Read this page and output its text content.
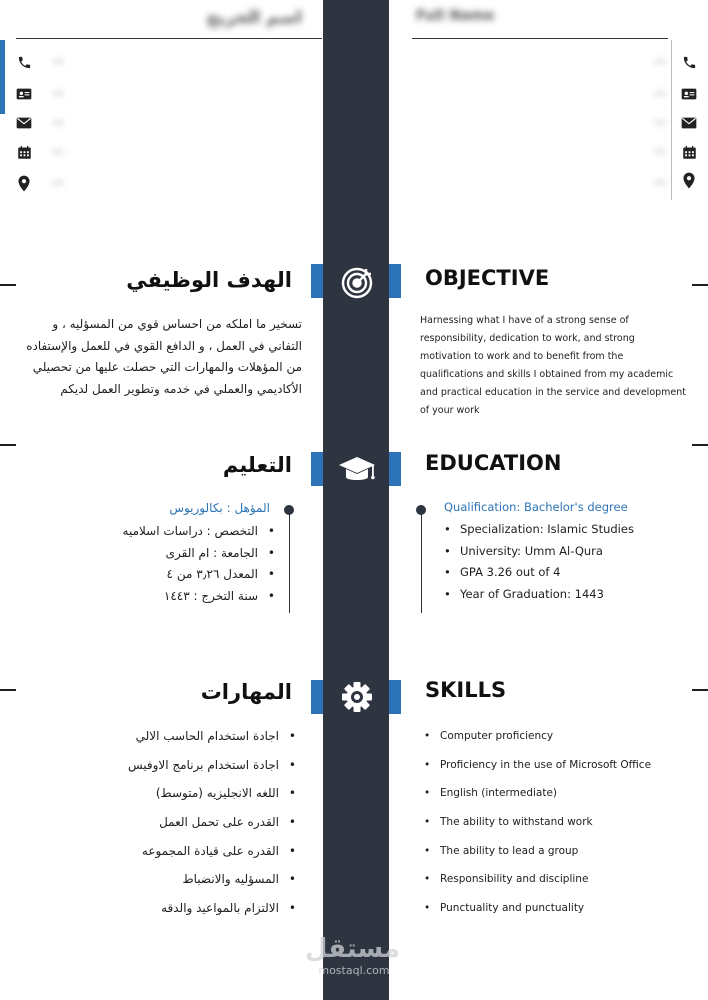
اسم الخريج	Full Name
—
—
—
—
—
—
—
—
—
—
الهدف الوظيفي	OBJECTIVE
تسخير ما املكه من احساس قوي من المسؤليه ، و التفاني في العمل ، و الدافع القوي في للعمل والإستفاده من المؤهلات والمهارات التي حصلت عليها من تحصيلي الأكاديمي والعملي في خدمه وتطوير العمل لديكم
Harnessing what I have of a strong sense of responsibility, dedication to work, and strong motivation to work and to benefit from the qualifications and skills I obtained from my academic and practical education in the service and development of your work
التعليم	EDUCATION
المؤهل : بكالوريوس	Qualification: Bachelor's degree
• التخصص : دراسات اسلاميه
• الجامعة : ام القرى
• المعدل ٣٫٢٦ من ٤
• سنة التخرج : ١٤٤٣
• Specialization: Islamic Studies
• University: Umm Al-Qura
• GPA 3.26 out of 4
• Year of Graduation: 1443
المهارات	SKILLS
• اجادة استخدام الحاسب الالي
• اجادة استخدام برنامج الاوفيس
• اللغه الانجليزيه (متوسط)
• القدره على تحمل العمل
• القدره على قيادة المجموعه
• المسؤليه والانضباط
• الالتزام بالمواعيد والدقه
• Computer proficiency
• Proficiency in the use of Microsoft Office
• English (intermediate)
• The ability to withstand work
• The ability to lead a group
• Responsibility and discipline
• Punctuality and punctuality
مستقل
mostaql.com
